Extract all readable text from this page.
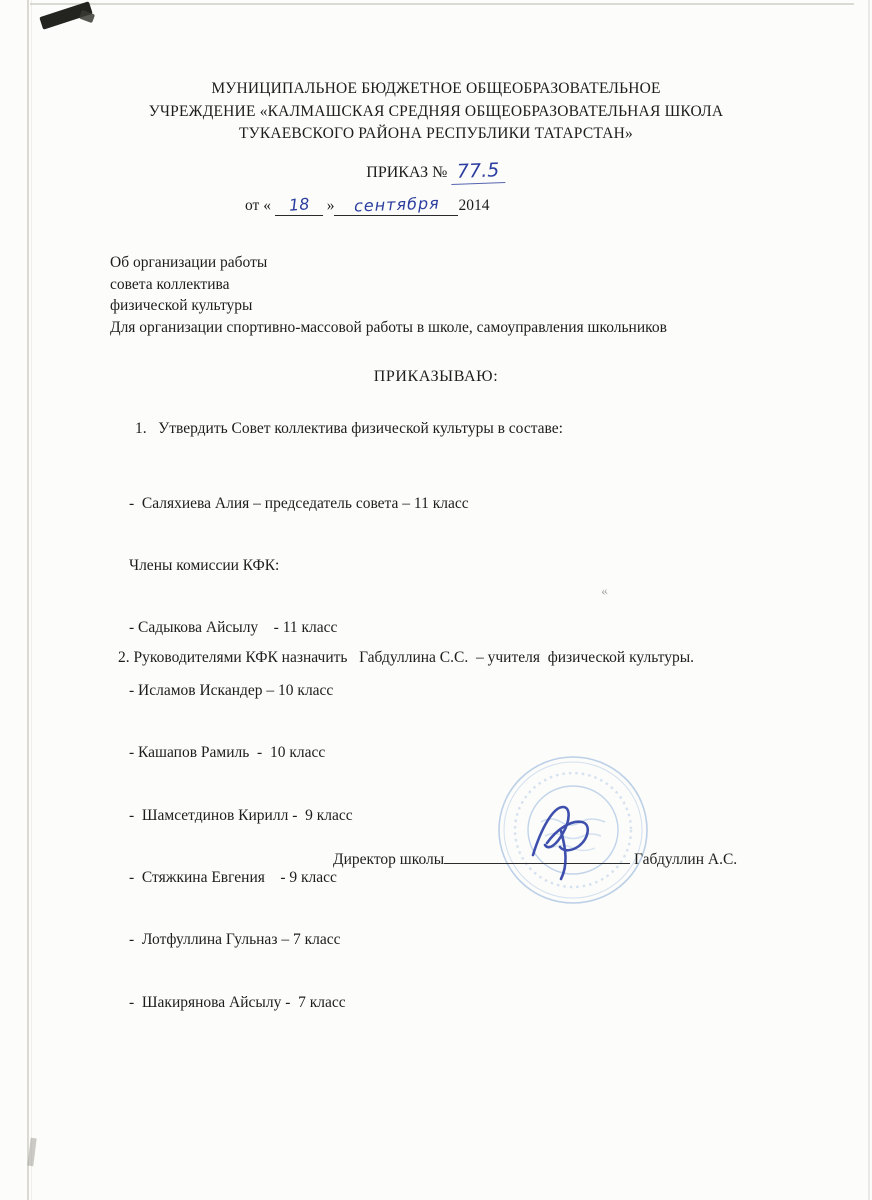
«
МУНИЦИПАЛЬНОЕ БЮДЖЕТНОЕ ОБЩЕОБРАЗОВАТЕЛЬНОЕ
УЧРЕЖДЕНИЕ «КАЛМАШСКАЯ СРЕДНЯЯ ОБЩЕОБРАЗОВАТЕЛЬНАЯ ШКОЛА
ТУКАЕВСКОГО РАЙОНА РЕСПУБЛИКИ ТАТАРСТАН»
ПРИКАЗ № 77.5
от « 18 » сентября 2014
Об организации работы
совета коллектива
физической культуры
Для организации спортивно-массовой работы в школе, самоуправления школьников
ПРИКАЗЫВАЮ:
1.   Утвердить Совет коллектива физической культуры в составе:

-  Саляхиева Алия – председатель совета – 11 класс

Члены комиссии КФК:

- Садыкова Айсылу    - 11 класс

- Исламов Искандер – 10 класс

- Кашапов Рамиль  -  10 класс

-  Шамсетдинов Кирилл -  9 класс

-  Стяжкина Евгения    - 9 класс

-  Лотфуллина Гульназ – 7 класс

-  Шакирянова Айсылу -  7 класс

2. Руководителями КФК назначить   Габдуллина С.С.  – учителя  физической культуры.
Директор школы	Габдуллин А.С.
